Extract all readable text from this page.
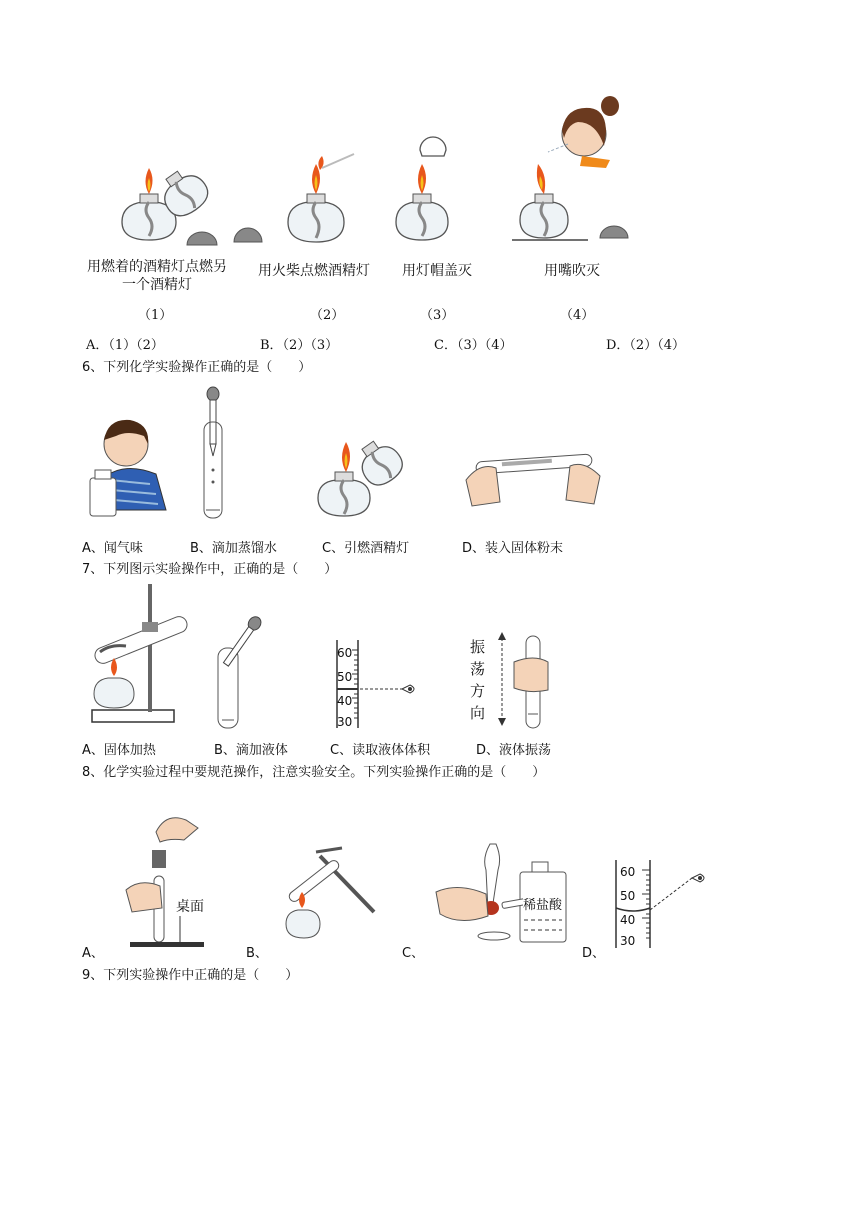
用燃着的酒精灯点燃另一个酒精灯
用火柴点燃酒精灯	用灯帽盖灭	用嘴吹灭
（1）	（2）	（3）	（4）
A．（1）（2）	B．（2）（3）	C．（3）（4）	D．（2）（4）
6、下列化学实验操作正确的是（　　）
A、闻气味	B、滴加蒸馏水	C、引燃酒精灯	D、装入固体粉末
7、下列图示实验操作中，正确的是（　　）
60
50
40
30
振
荡
方
向
A、固体加热	B、滴加液体	C、读取液体体积	D、液体振荡
8、化学实验过程中要规范操作，注意实验安全。下列实验操作正确的是（　　）
桌面	稀盐酸
60
50
40
30
A、	B、	C、	D、
9、下列实验操作中正确的是（　　）
